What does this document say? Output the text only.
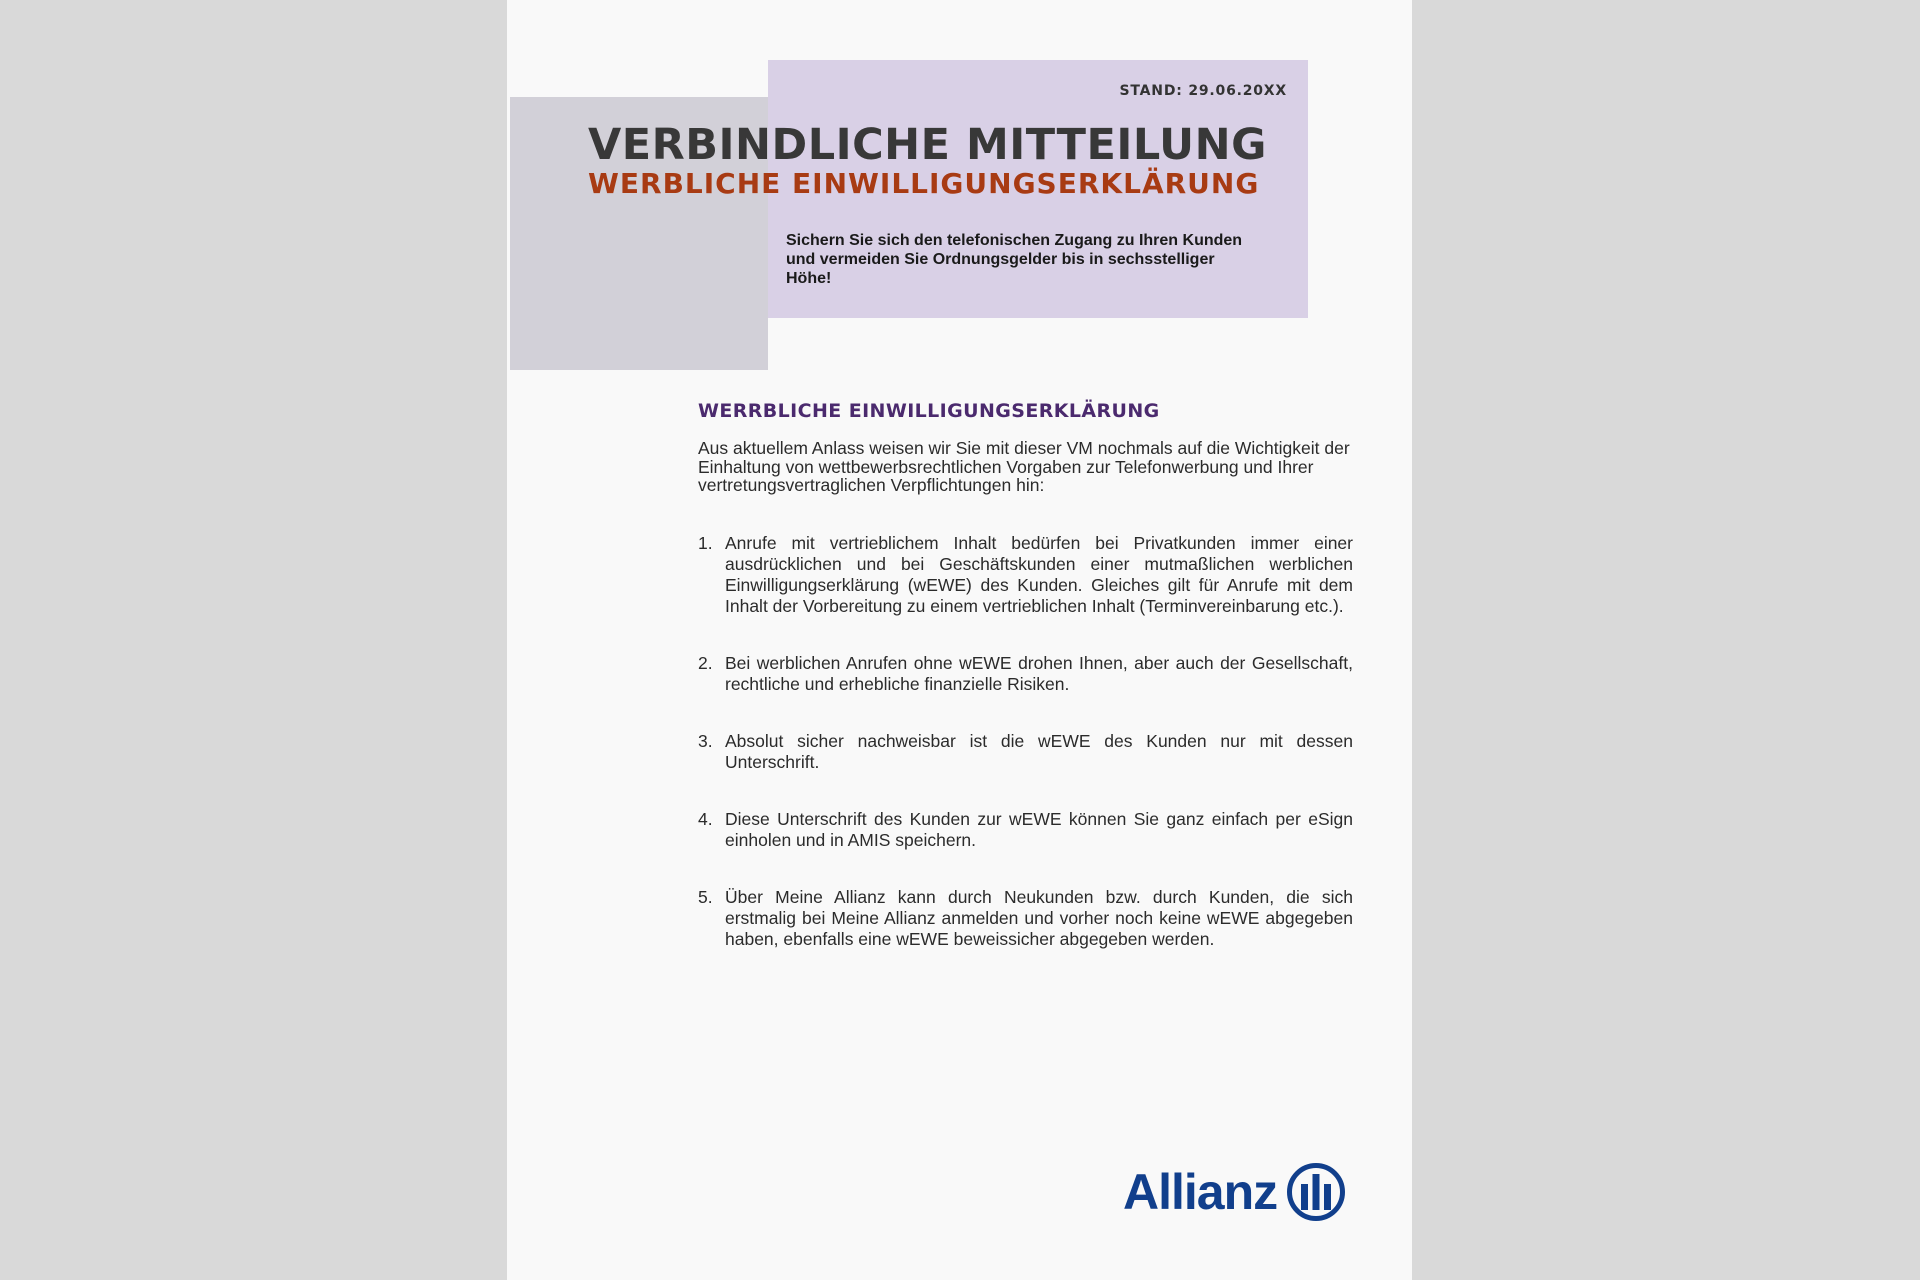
STAND: 29.06.20XX
VERBINDLICHE MITTEILUNG
WERBLICHE EINWILLIGUNGSERKLÄRUNG

Sichern Sie sich den telefonischen Zugang zu Ihren Kunden und vermeiden Sie Ordnungsgelder bis in sechsstelliger Höhe!

WERRBLICHE EINWILLIGUNGSERKLÄRUNG

Aus aktuellem Anlass weisen wir Sie mit dieser VM nochmals auf die Wichtigkeit der Einhaltung von wettbewerbsrechtlichen Vorgaben zur Telefonwerbung und Ihrer vertretungsvertraglichen Verpflichtungen hin:

1. Anrufe mit vertrieblichem Inhalt bedürfen bei Privatkunden immer einer ausdrücklichen und bei Geschäftskunden einer mutmaßlichen werblichen Einwilligungserklärung (wEWE) des Kunden. Gleiches gilt für Anrufe mit dem Inhalt der Vorbereitung zu einem vertrieblichen Inhalt (Terminvereinbarung etc.).
2. Bei werblichen Anrufen ohne wEWE drohen Ihnen, aber auch der Gesellschaft, rechtliche und erhebliche finanzielle Risiken.
3. Absolut sicher nachweisbar ist die wEWE des Kunden nur mit dessen Unterschrift.
4. Diese Unterschrift des Kunden zur wEWE können Sie ganz einfach per eSign einholen und in AMIS speichern.
5. Über Meine Allianz kann durch Neukunden bzw. durch Kunden, die sich erstmalig bei Meine Allianz anmelden und vorher noch keine wEWE abgegeben haben, ebenfalls eine wEWE beweissicher abgegeben werden.
Allianz
